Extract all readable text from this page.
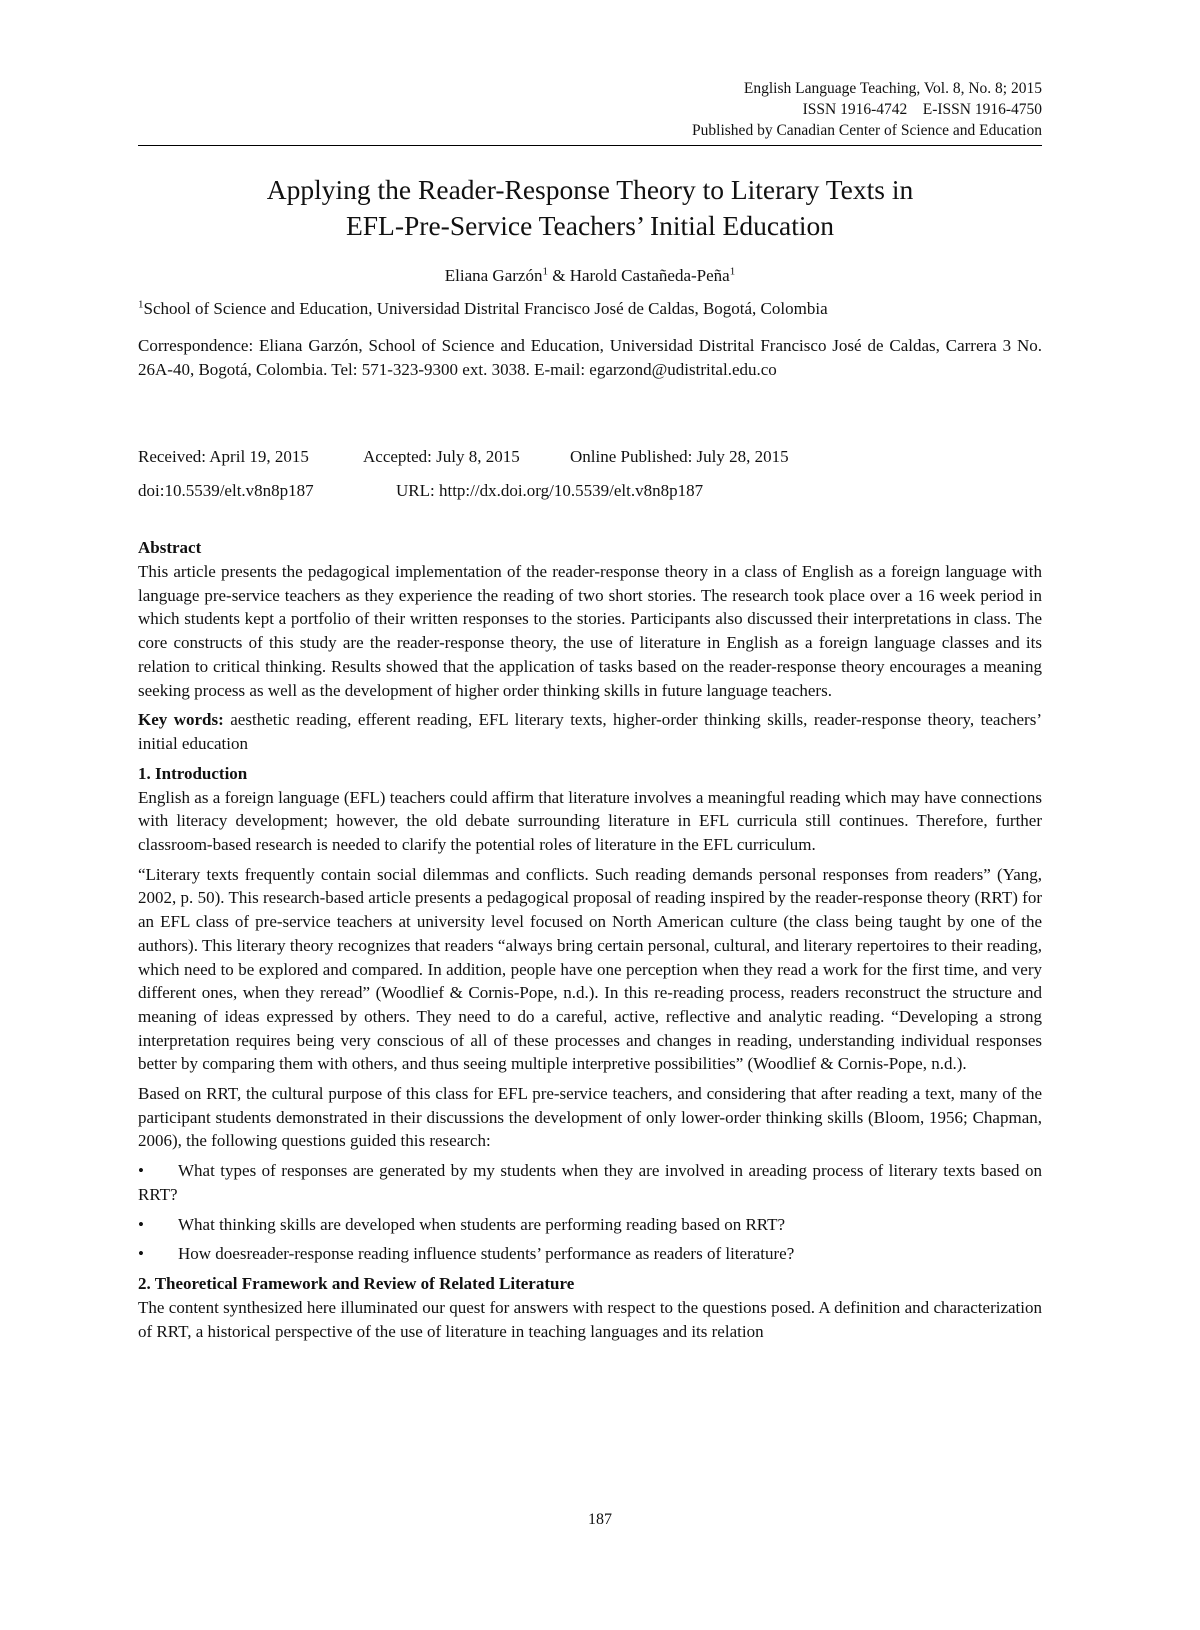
English Language Teaching, Vol. 8, No. 8; 2015
ISSN 1916-4742    E-ISSN 1916-4750
Published by Canadian Center of Science and Education
Applying the Reader-Response Theory to Literary Texts in
EFL-Pre-Service Teachers’ Initial Education
Eliana Garzón$^1$ & Harold Castañeda-Peña$^1$
$^1$School of Science and Education, Universidad Distrital Francisco José de Caldas, Bogotá, Colombia
Correspondence: Eliana Garzón, School of Science and Education, Universidad Distrital Francisco José de Caldas, Carrera 3 No. 26A-40, Bogotá, Colombia. Tel: 571-323-9300 ext. 3038. E-mail: egarzond@udistrital.edu.co
Received: April 19, 2015	Accepted: July 8, 2015	Online Published: July 28, 2015
doi:10.5539/elt.v8n8p187	URL: http://dx.doi.org/10.5539/elt.v8n8p187
Abstract

This article presents the pedagogical implementation of the reader-response theory in a class of English as a foreign language with language pre-service teachers as they experience the reading of two short stories. The research took place over a 16 week period in which students kept a portfolio of their written responses to the stories. Participants also discussed their interpretations in class. The core constructs of this study are the reader-response theory, the use of literature in English as a foreign language classes and its relation to critical thinking. Results showed that the application of tasks based on the reader-response theory encourages a meaning seeking process as well as the development of higher order thinking skills in future language teachers.

Key words: aesthetic reading, efferent reading, EFL literary texts, higher-order thinking skills, reader-response theory, teachers’ initial education

1. Introduction

English as a foreign language (EFL) teachers could affirm that literature involves a meaningful reading which may have connections with literacy development; however, the old debate surrounding literature in EFL curricula still continues. Therefore, further classroom-based research is needed to clarify the potential roles of literature in the EFL curriculum.

“Literary texts frequently contain social dilemmas and conflicts. Such reading demands personal responses from readers” (Yang, 2002, p. 50). This research-based article presents a pedagogical proposal of reading inspired by the reader-response theory (RRT) for an EFL class of pre-service teachers at university level focused on North American culture (the class being taught by one of the authors). This literary theory recognizes that readers “always bring certain personal, cultural, and literary repertoires to their reading, which need to be explored and compared. In addition, people have one perception when they read a work for the first time, and very different ones, when they reread” (Woodlief & Cornis-Pope, n.d.). In this re-reading process, readers reconstruct the structure and meaning of ideas expressed by others. They need to do a careful, active, reflective and analytic reading. “Developing a strong interpretation requires being very conscious of all of these processes and changes in reading, understanding individual responses better by comparing them with others, and thus seeing multiple interpretive possibilities” (Woodlief & Cornis-Pope, n.d.).

Based on RRT, the cultural purpose of this class for EFL pre-service teachers, and considering that after reading a text, many of the participant students demonstrated in their discussions the development of only lower-order thinking skills (Bloom, 1956; Chapman, 2006), the following questions guided this research:

• What types of responses are generated by my students when they are involved in areading process of literary texts based on RRT?
• What thinking skills are developed when students are performing reading based on RRT?
• How doesreader-response reading influence students’ performance as readers of literature?
2. Theoretical Framework and Review of Related Literature

The content synthesized here illuminated our quest for answers with respect to the questions posed. A definition and characterization of RRT, a historical perspective of the use of literature in teaching languages and its relation

187
